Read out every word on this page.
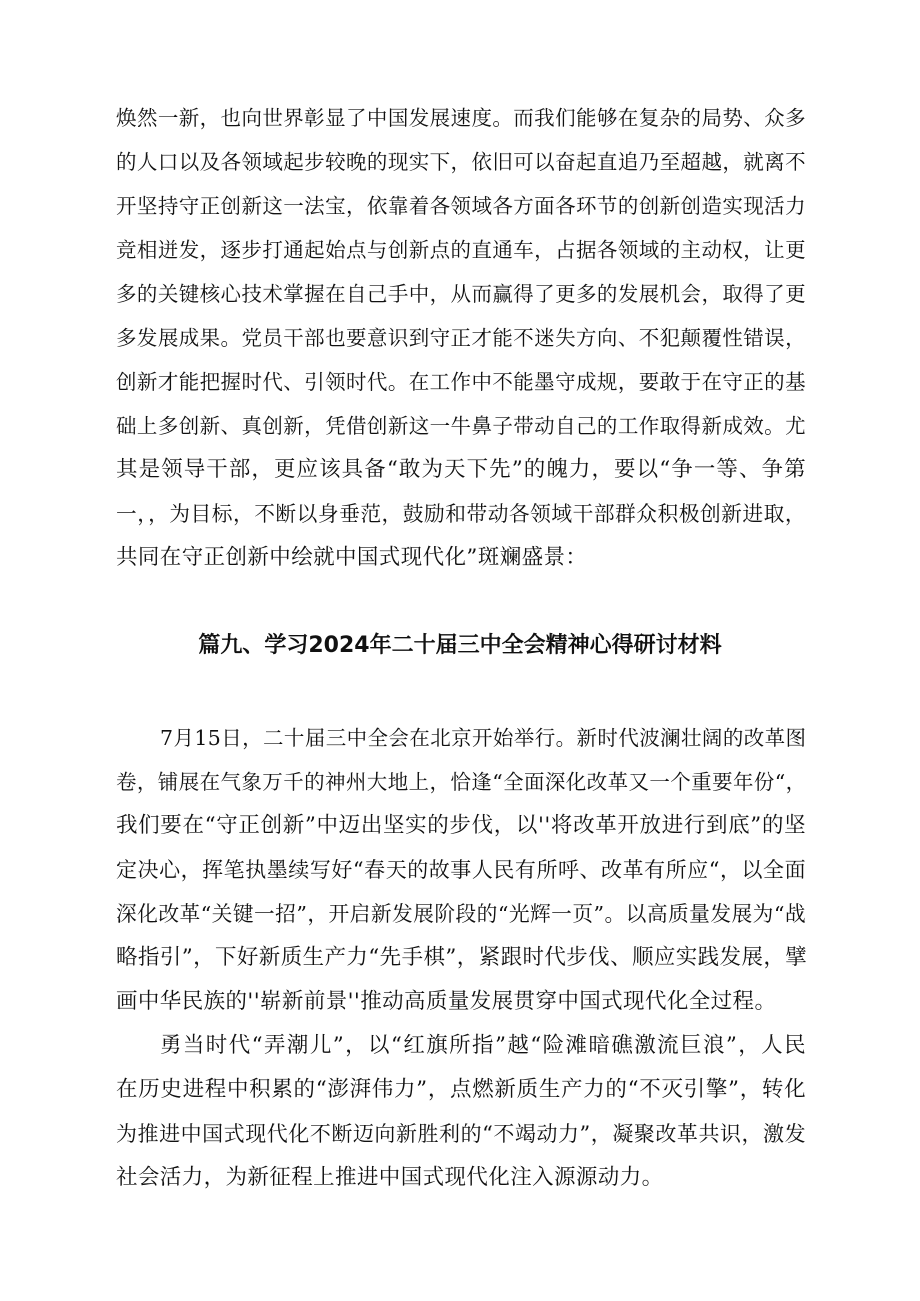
焕然一新，也向世界彰显了中国发展速度。而我们能够在复杂的局势、众多
的人口以及各领域起步较晚的现实下，依旧可以奋起直追乃至超越，就离不
开坚持守正创新这一法宝，依靠着各领域各方面各环节的创新创造实现活力
竞相迸发，逐步打通起始点与创新点的直通车，占据各领域的主动权，让更
多的关键核心技术掌握在自己手中，从而赢得了更多的发展机会，取得了更
多发展成果。党员干部也要意识到守正才能不迷失方向、不犯颠覆性错误，
创新才能把握时代、引领时代。在工作中不能墨守成规，要敢于在守正的基
础上多创新、真创新，凭借创新这一牛鼻子带动自己的工作取得新成效。尤
其是领导干部，更应该具备“敢为天下先”的魄力，要以“争一等、争第
一，，为目标，不断以身垂范，鼓励和带动各领域干部群众积极创新进取，
共同在守正创新中绘就中国式现代化”斑斓盛景：
篇九、学习2024年二十届三中全会精神心得研讨材料
7月15日，二十届三中全会在北京开始举行。新时代波澜壮阔的改革图
卷，铺展在气象万千的神州大地上，恰逢“全面深化改革又一个重要年份“，
我们要在“守正创新”中迈出坚实的步伐，以''将改革开放进行到底”的坚
定决心，挥笔执墨续写好“春天的故事人民有所呼、改革有所应“，以全面
深化改革“关键一招”，开启新发展阶段的“光辉一页”。以高质量发展为“战
略指引”，下好新质生产力“先手棋”，紧跟时代步伐、顺应实践发展，擘
画中华民族的''崭新前景''推动高质量发展贯穿中国式现代化全过程。
勇当时代“弄潮儿”，以“红旗所指”越“险滩暗礁激流巨浪”，人民
在历史进程中积累的“澎湃伟力”，点燃新质生产力的“不灭引擎”，转化
为推进中国式现代化不断迈向新胜利的“不竭动力”，凝聚改革共识，激发
社会活力，为新征程上推进中国式现代化注入源源动力。
